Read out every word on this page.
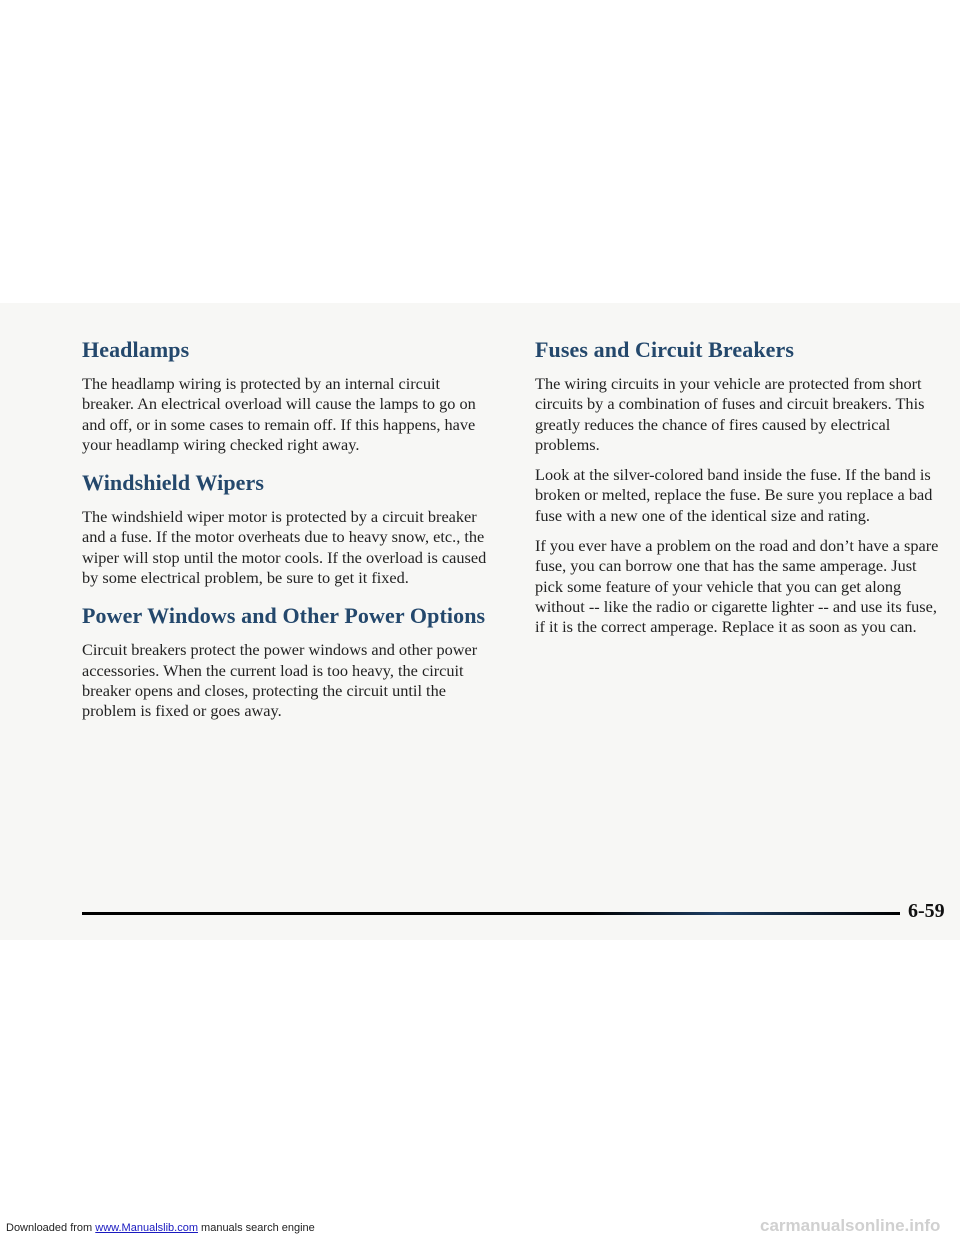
Headlamps

The headlamp wiring is protected by an internal circuit breaker. An electrical overload will cause the lamps to go on and off, or in some cases to remain off. If this happens, have your headlamp wiring checked right away.

Windshield Wipers

The windshield wiper motor is protected by a circuit breaker and a fuse. If the motor overheats due to heavy snow, etc., the wiper will stop until the motor cools. If the overload is caused by some electrical problem, be sure to get it fixed.

Power Windows and Other Power Options

Circuit breakers protect the power windows and other power accessories. When the current load is too heavy, the circuit breaker opens and closes, protecting the circuit until the problem is fixed or goes away.

Fuses and Circuit Breakers

The wiring circuits in your vehicle are protected from short circuits by a combination of fuses and circuit breakers. This greatly reduces the chance of fires caused by electrical problems.

Look at the silver-colored band inside the fuse. If the band is broken or melted, replace the fuse. Be sure you replace a bad fuse with a new one of the identical size and rating.

If you ever have a problem on the road and don’t have a spare fuse, you can borrow one that has the same amperage. Just pick some feature of your vehicle that you can get along without -- like the radio or cigarette lighter -- and use its fuse, if it is the correct amperage. Replace it as soon as you can.

6-59
Downloaded from www.Manualslib.com manuals search engine	carmanualsonline.info
